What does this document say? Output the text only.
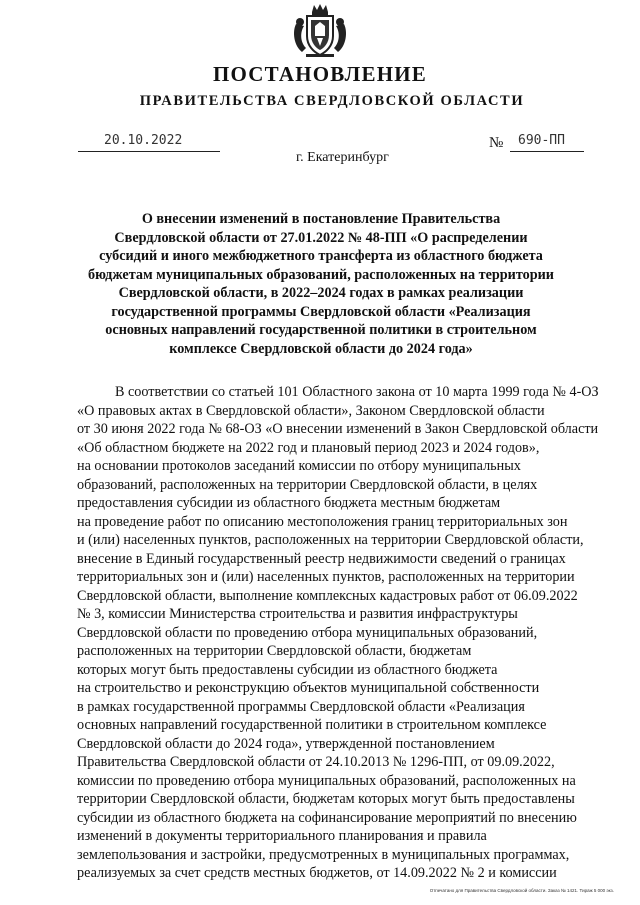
ПОСТАНОВЛЕНИЕ
ПРАВИТЕЛЬСТВА СВЕРДЛОВСКОЙ ОБЛАСТИ
20.10.2022	№ 690-ПП
г. Екатеринбург
О внесении изменений в постановление Правительства
Свердловской области от 27.01.2022 № 48-ПП «О распределении
субсидий и иного межбюджетного трансферта из областного бюджета
бюджетам муниципальных образований, расположенных на территории
Свердловской области, в 2022–2024 годах в рамках реализации
государственной программы Свердловской области «Реализация
основных направлений государственной политики в строительном
комплексе Свердловской области до 2024 года»
В соответствии со статьей 101 Областного закона от 10 марта 1999 года № 4-ОЗ
«О правовых актах в Свердловской области», Законом Свердловской области
от 30 июня 2022 года № 68-ОЗ «О внесении изменений в Закон Свердловской области
«Об областном бюджете на 2022 год и плановый период 2023 и 2024 годов»,
на основании протоколов заседаний комиссии по отбору муниципальных
образований, расположенных на территории Свердловской области, в целях
предоставления субсидии из областного бюджета местным бюджетам
на проведение работ по описанию местоположения границ территориальных зон
и (или) населенных пунктов, расположенных на территории Свердловской области,
внесение в Единый государственный реестр недвижимости сведений о границах
территориальных зон и (или) населенных пунктов, расположенных на территории
Свердловской области, выполнение комплексных кадастровых работ от 06.09.2022
№ 3, комиссии Министерства строительства и развития инфраструктуры
Свердловской области по проведению отбора муниципальных образований,
расположенных на территории Свердловской области, бюджетам
которых могут быть предоставлены субсидии из областного бюджета
на строительство и реконструкцию объектов муниципальной собственности
в рамках государственной программы Свердловской области «Реализация
основных направлений государственной политики в строительном комплексе
Свердловской области до 2024 года», утвержденной постановлением
Правительства Свердловской области от 24.10.2013 № 1296-ПП, от 09.09.2022,
комиссии по проведению отбора муниципальных образований, расположенных на
территории Свердловской области, бюджетам которых могут быть предоставлены
субсидии из областного бюджета на софинансирование мероприятий по внесению
изменений в документы территориального планирования и правила
землепользования и застройки, предусмотренных в муниципальных программах,
реализуемых за счет средств местных бюджетов, от 14.09.2022 № 2 и комиссии
Отпечатано для Правительства Свердловской области. Заказ № 1421. Тираж 5 000 экз.
